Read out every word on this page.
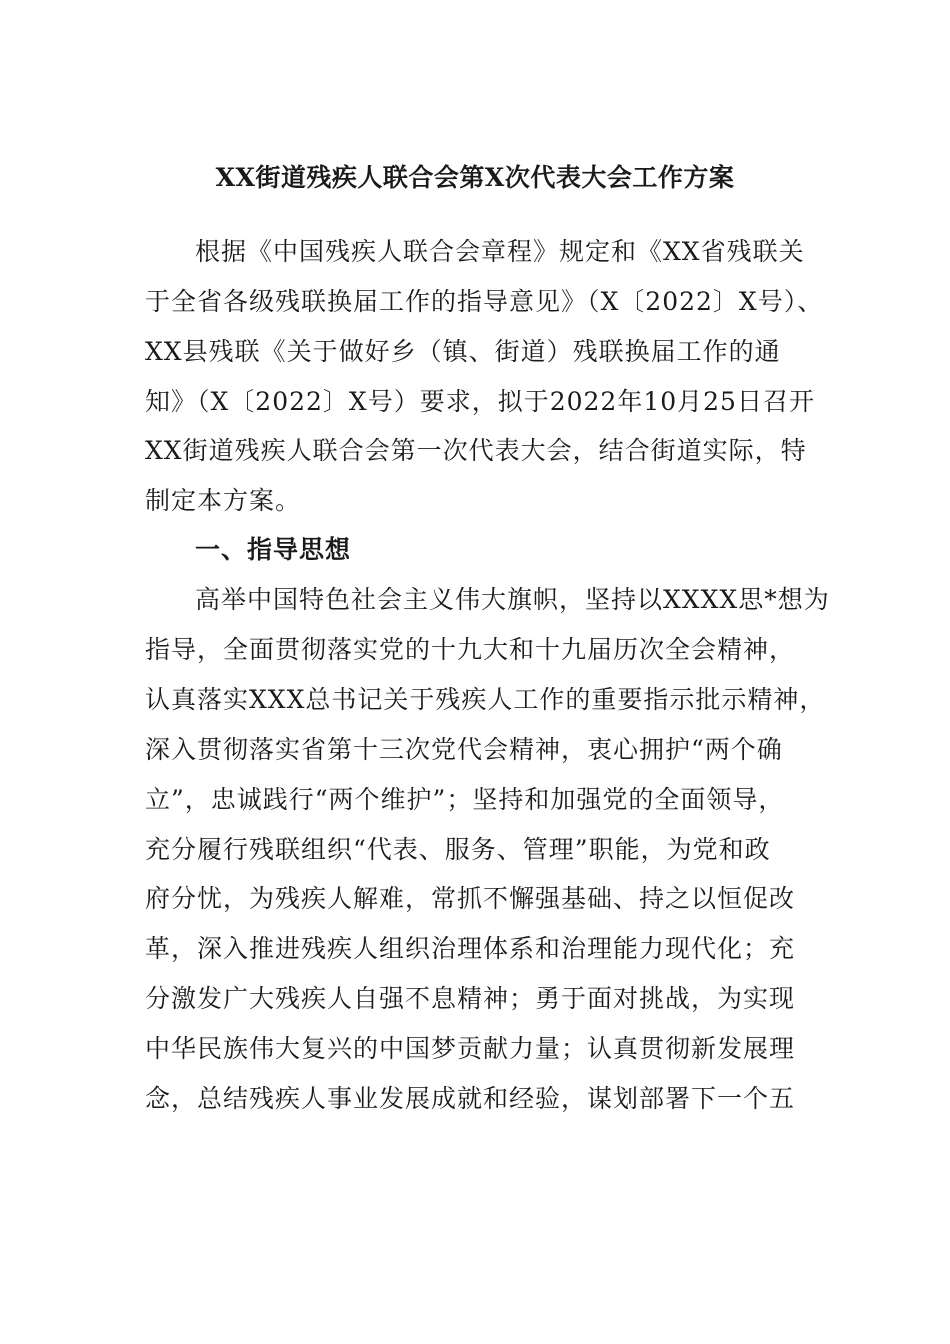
XX街道残疾人联合会第X次代表大会工作方案
根据《中国残疾人联合会章程》规定和《XX省残联关
于全省各级残联换届工作的指导意见》（X〔2022〕X号）、
XX县残联《关于做好乡（镇、街道）残联换届工作的通
知》（X〔2022〕X号）要求，拟于2022年10月25日召开
XX街道残疾人联合会第一次代表大会，结合街道实际，特
制定本方案。
一、指导思想
高举中国特色社会主义伟大旗帜，坚持以XXXX思*想为
指导，全面贯彻落实党的十九大和十九届历次全会精神，
认真落实XXX总书记关于残疾人工作的重要指示批示精神，
深入贯彻落实省第十三次党代会精神，衷心拥护“两个确
立”，忠诚践行“两个维护”；坚持和加强党的全面领导，
充分履行残联组织“代表、服务、管理”职能，为党和政
府分忧，为残疾人解难，常抓不懈强基础、持之以恒促改
革，深入推进残疾人组织治理体系和治理能力现代化；充
分激发广大残疾人自强不息精神；勇于面对挑战，为实现
中华民族伟大复兴的中国梦贡献力量；认真贯彻新发展理
念，总结残疾人事业发展成就和经验，谋划部署下一个五
